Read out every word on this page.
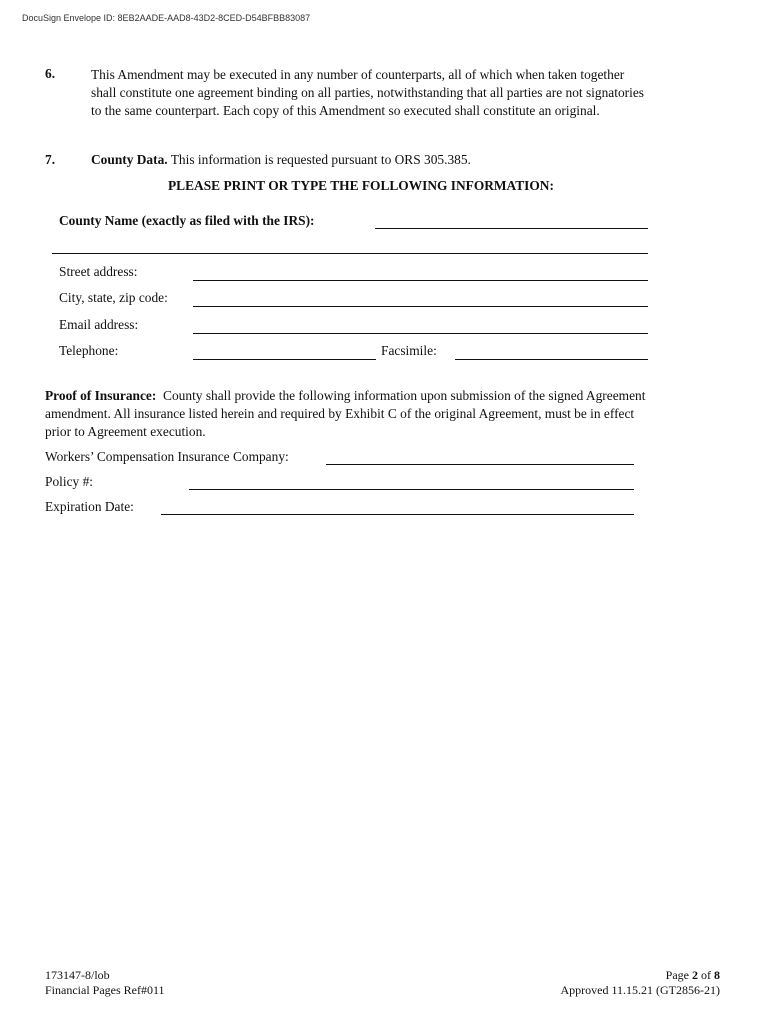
DocuSign Envelope ID: 8EB2AADE-AAD8-43D2-8CED-D54BFBB83087
6.	This Amendment may be executed in any number of counterparts, all of which when taken together
shall constitute one agreement binding on all parties, notwithstanding that all parties are not signatories
to the same counterpart. Each copy of this Amendment so executed shall constitute an original.
7.	County Data. This information is requested pursuant to ORS 305.385.
PLEASE PRINT OR TYPE THE FOLLOWING INFORMATION:
County Name (exactly as filed with the IRS):
Street address:
City, state, zip code:
Email address:
Telephone:	Facsimile:
Proof of Insurance: County shall provide the following information upon submission of the signed Agreement
amendment. All insurance listed herein and required by Exhibit C of the original Agreement, must be in effect
prior to Agreement execution.
Workers’ Compensation Insurance Company:
Policy #:
Expiration Date:
173147-8/lob
Financial Pages Ref#011
Page 2 of 8
Approved 11.15.21 (GT2856-21)
